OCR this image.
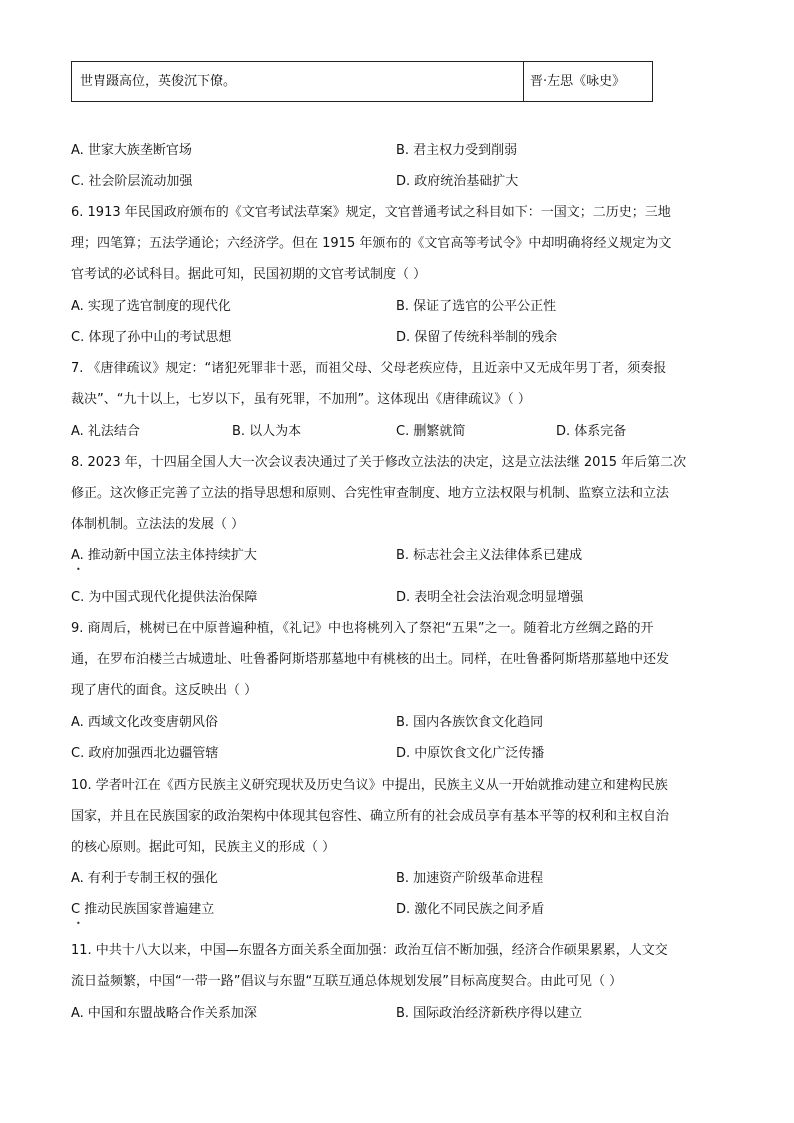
世胄蹑高位，英俊沉下僚。	晋·左思《咏史》
A. 世家大族垄断官场	B. 君主权力受到削弱
C. 社会阶层流动加强	D. 政府统治基础扩大
6. 1913 年民国政府颁布的《文官考试法草案》规定，文官普通考试之科目如下：一国文；二历史；三地
理；四笔算；五法学通论；六经济学。但在 1915 年颁布的《文官高等考试令》中却明确将经义规定为文
官考试的必试科目。据此可知，民国初期的文官考试制度（ ）
A. 实现了选官制度的现代化	B. 保证了选官的公平公正性
C. 体现了孙中山的考试思想	D. 保留了传统科举制的残余
7. 《唐律疏议》规定：“诸犯死罪非十恶，而祖父母、父母老疾应侍，且近亲中又无成年男丁者，须奏报
裁决”、“九十以上，七岁以下，虽有死罪，不加刑”。这体现出《唐律疏议》（ ）
A. 礼法结合	B. 以人为本	C. 删繁就简	D. 体系完备
8. 2023 年，十四届全国人大一次会议表决通过了关于修改立法法的决定，这是立法法继 2015 年后第二次
修正。这次修正完善了立法的指导思想和原则、合宪性审查制度、地方立法权限与机制、监察立法和立法
体制机制。立法法的发展（ ）
A. 推动新中国立法主体持续扩大	B. 标志社会主义法律体系已建成
•
C. 为中国式现代化提供法治保障	D. 表明全社会法治观念明显增强
9. 商周后，桃树已在中原普遍种植，《礼记》中也将桃列入了祭祀“五果”之一。随着北方丝绸之路的开
通，在罗布泊楼兰古城遗址、吐鲁番阿斯塔那墓地中有桃核的出土。同样，在吐鲁番阿斯塔那墓地中还发
现了唐代的面食。这反映出（ ）
A. 西域文化改变唐朝风俗	B. 国内各族饮食文化趋同
C. 政府加强西北边疆管辖	D. 中原饮食文化广泛传播
10. 学者叶江在《西方民族主义研究现状及历史刍议》中提出，民族主义从一开始就推动建立和建构民族
国家，并且在民族国家的政治架构中体现其包容性、确立所有的社会成员享有基本平等的权利和主权自治
的核心原则。据此可知，民族主义的形成（ ）
A. 有利于专制王权的强化	B. 加速资产阶级革命进程
C 推动民族国家普遍建立	D. 激化不同民族之间矛盾
•
11. 中共十八大以来，中国—东盟各方面关系全面加强：政治互信不断加强，经济合作硕果累累，人文交
流日益频繁，中国“一带一路”倡议与东盟“互联互通总体规划发展”目标高度契合。由此可见（ ）
A. 中国和东盟战略合作关系加深	B. 国际政治经济新秩序得以建立
